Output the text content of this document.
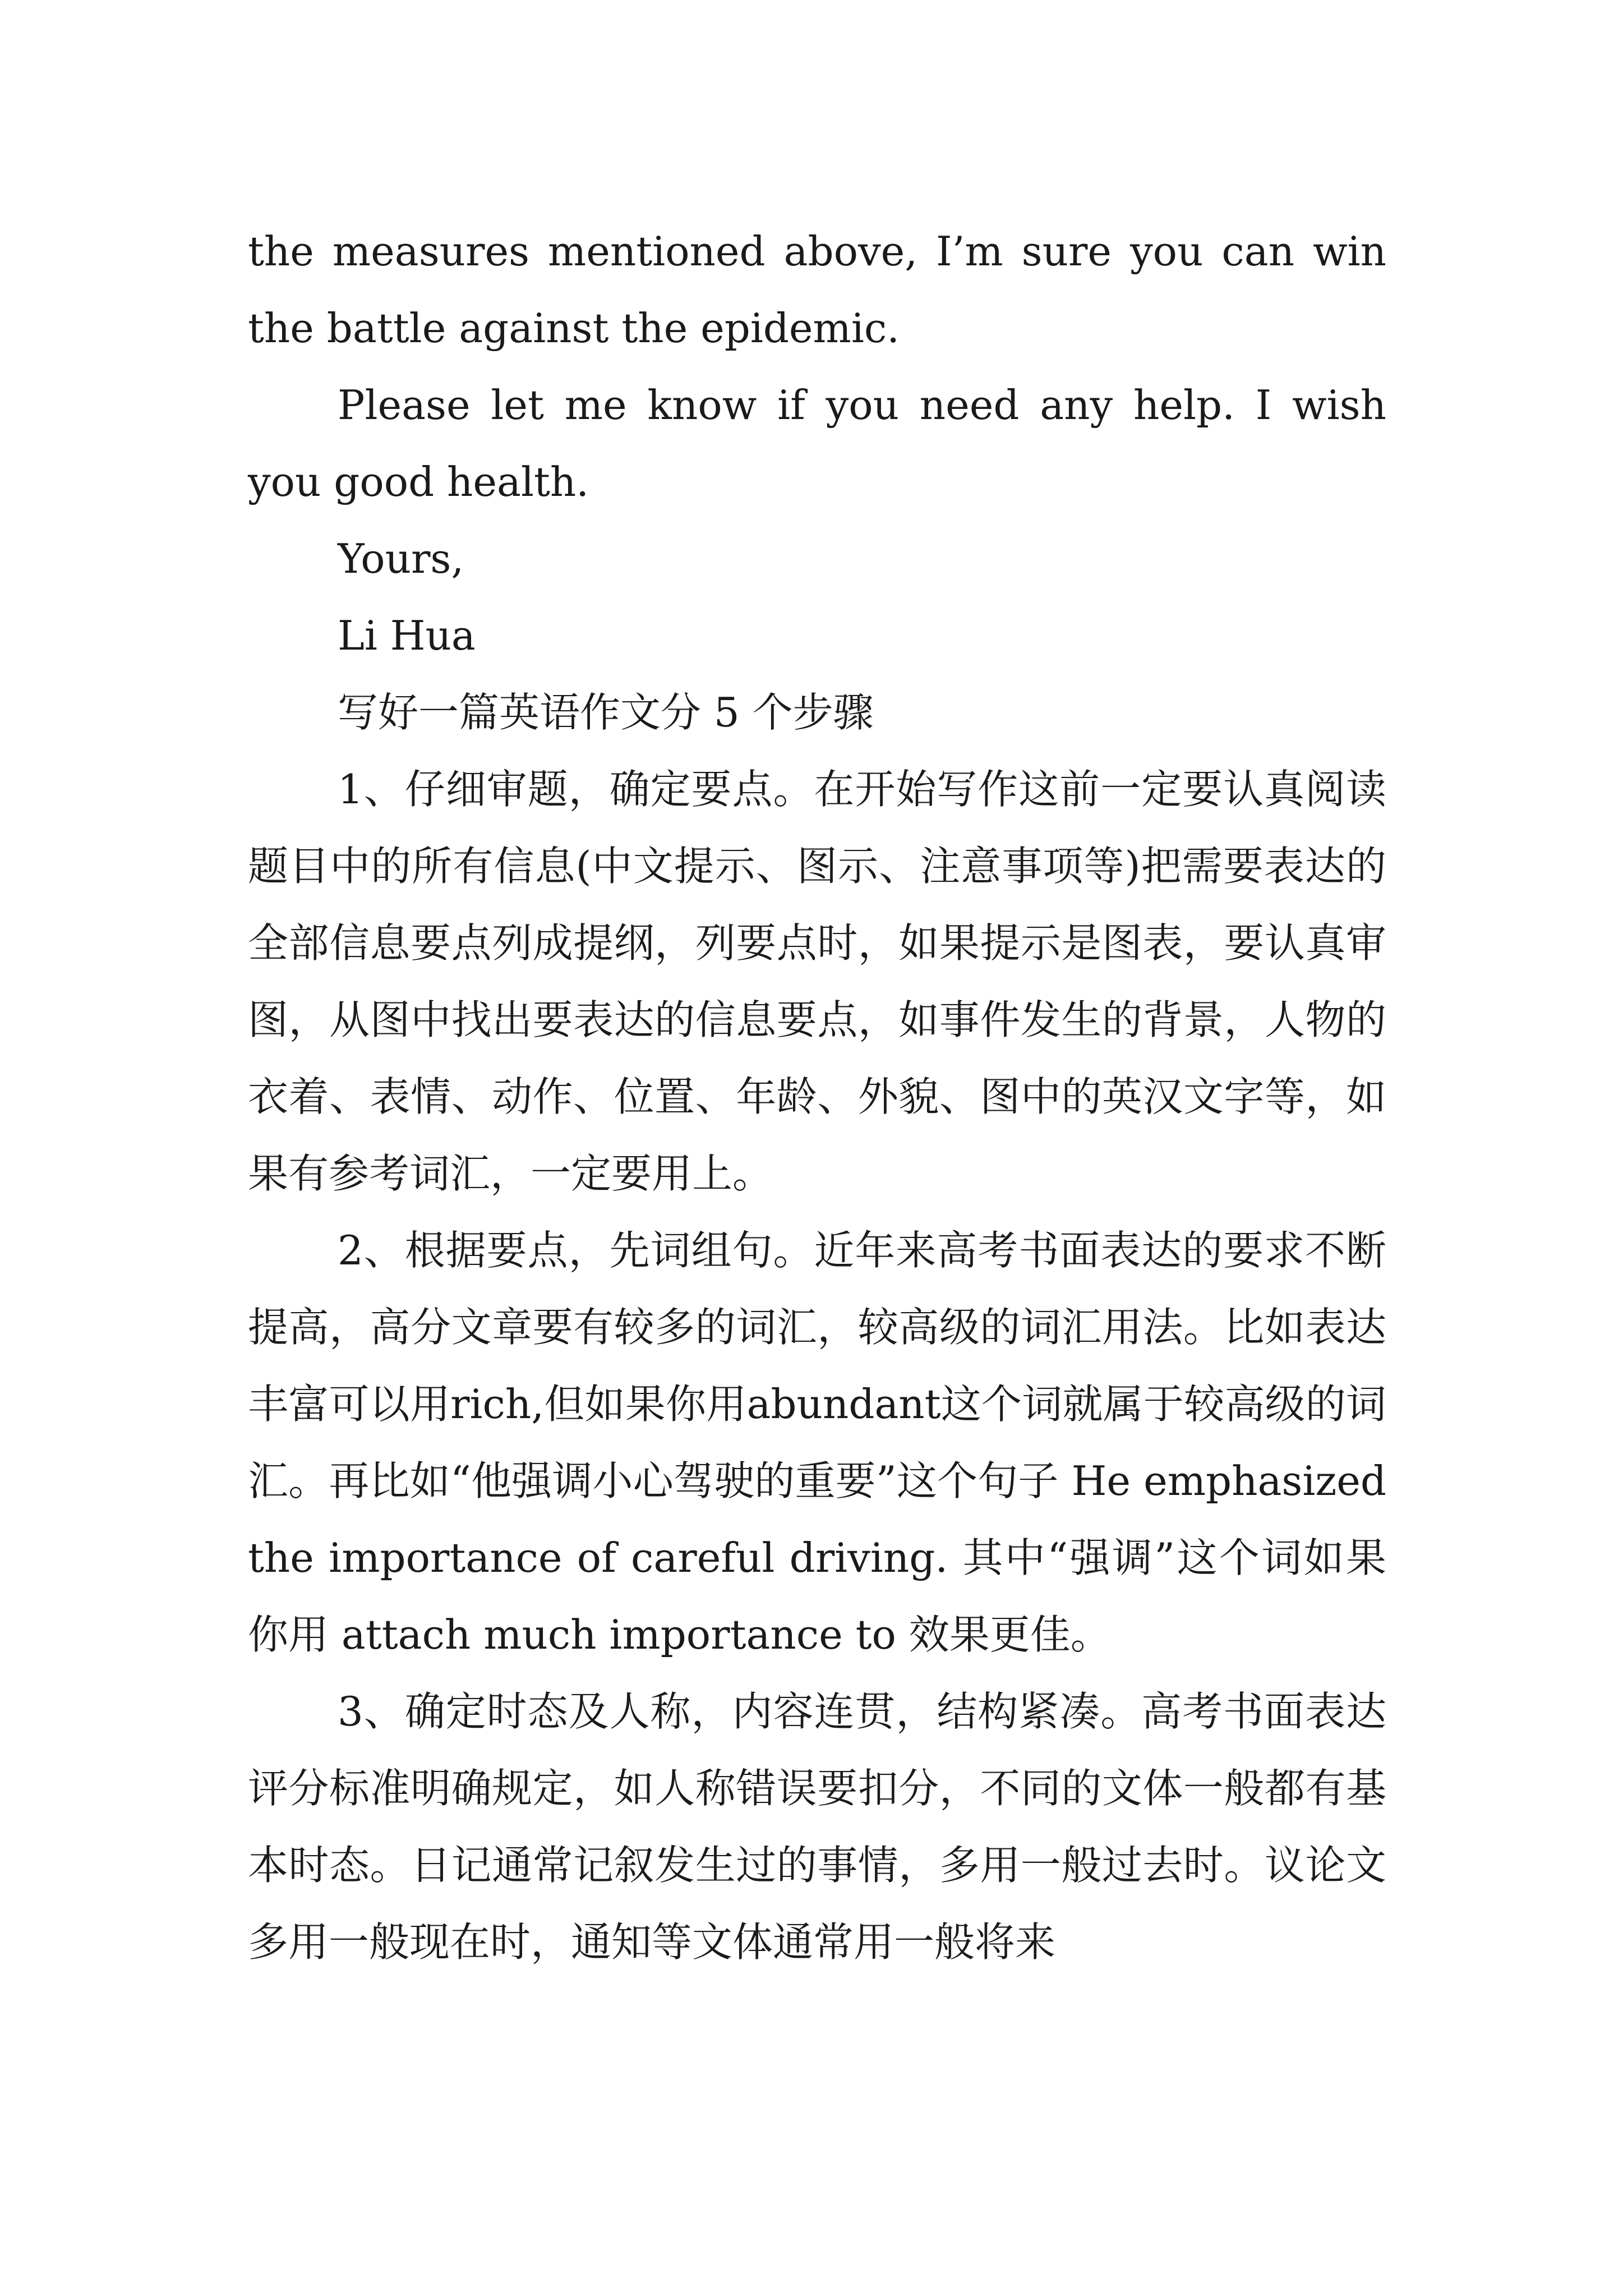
the measures mentioned above, I’m sure you can win the battle against the epidemic.

Please let me know if you need any help. I wish you good health.

Yours,

Li Hua

写好一篇英语作文分 5 个步骤

1、仔细审题，确定要点。在开始写作这前一定要认真阅读题目中的所有信息(中文提示、图示、注意事项等)把需要表达的全部信息要点列成提纲，列要点时，如果提示是图表，要认真审图，从图中找出要表达的信息要点，如事件发生的背景，人物的衣着、表情、动作、位置、年龄、外貌、图中的英汉文字等，如果有参考词汇，一定要用上。

2、根据要点，先词组句。近年来高考书面表达的要求不断提高，高分文章要有较多的词汇，较高级的词汇用法。比如表达丰富可以用rich,但如果你用abundant这个词就属于较高级的词汇。再比如“他强调小心驾驶的重要”这个句子 He emphasized the importance of careful driving. 其中“强调”这个词如果你用 attach much importance to 效果更佳。

3、确定时态及人称，内容连贯，结构紧凑。高考书面表达评分标准明确规定，如人称错误要扣分，不同的文体一般都有基本时态。日记通常记叙发生过的事情，多用一般过去时。议论文多用一般现在时，通知等文体通常用一般将来
